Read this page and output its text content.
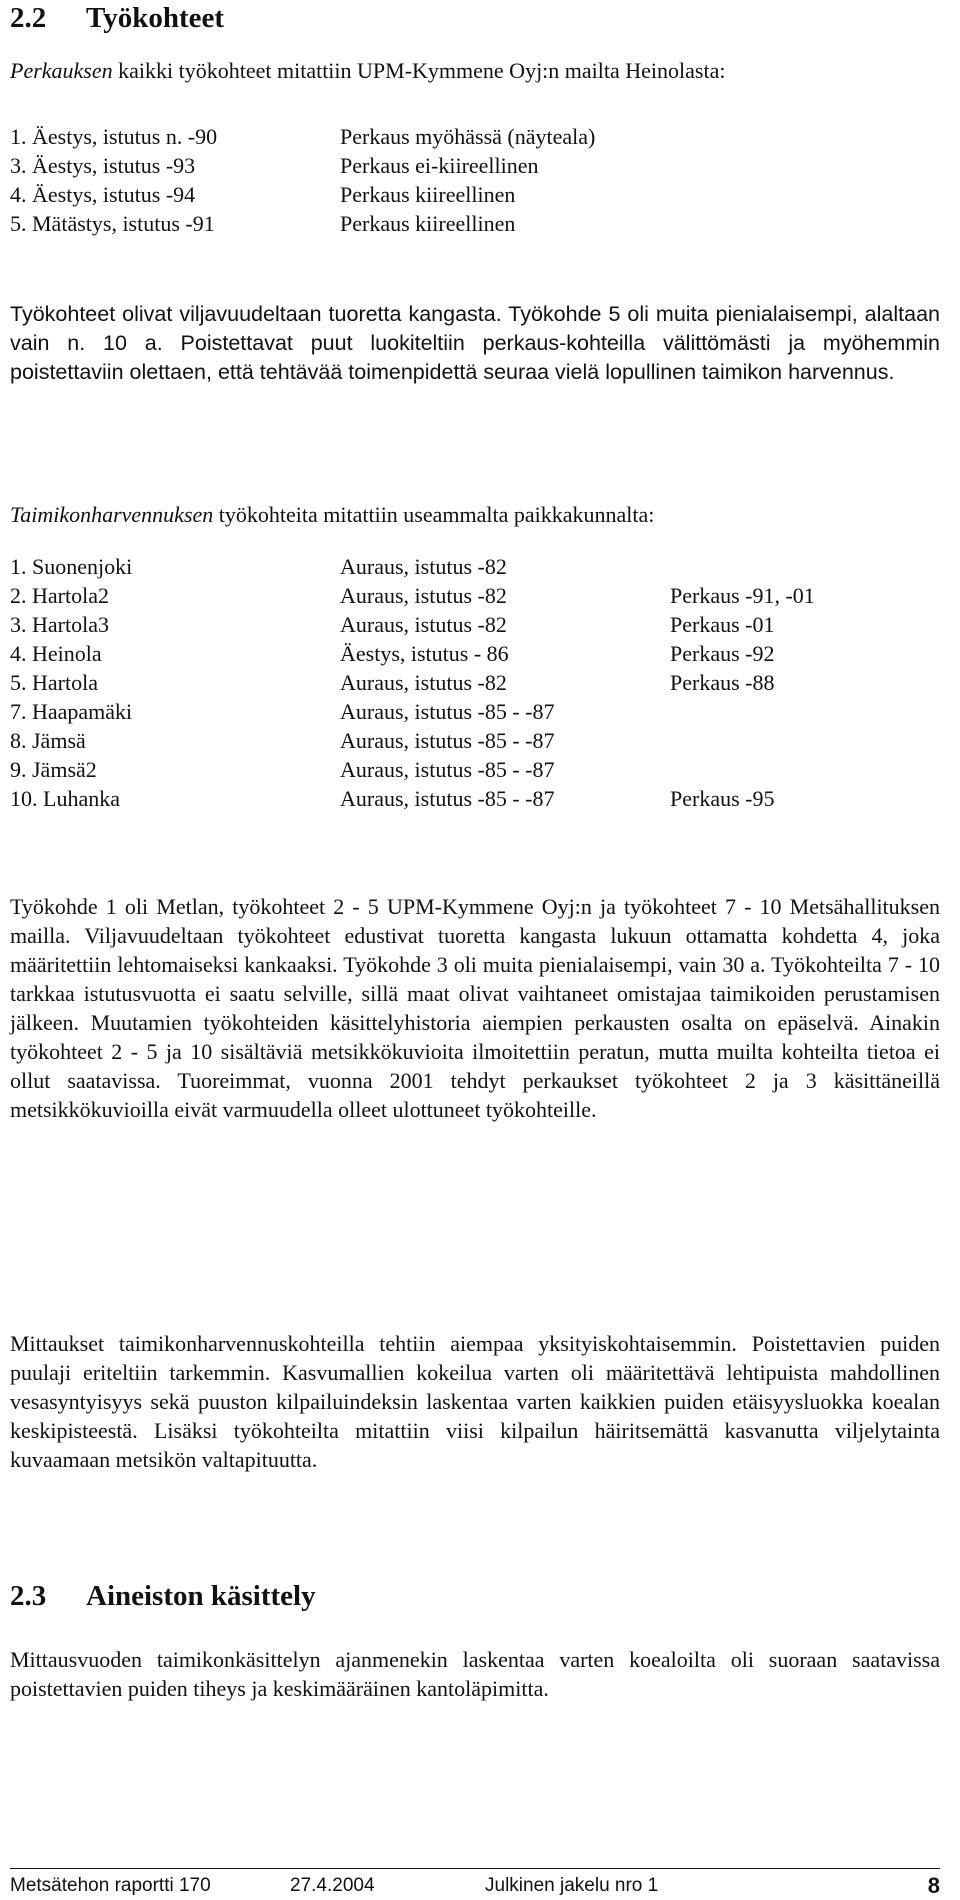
2.2	Työkohteet

Perkauksen kaikki työkohteet mitattiin UPM-Kymmene Oyj:n mailta Heinolasta:

1. Äestys, istutus n. -90	Perkaus myöhässä (näyteala)
3. Äestys, istutus -93	Perkaus ei-kiireellinen
4. Äestys, istutus -94	Perkaus kiireellinen
5. Mätästys, istutus -91	Perkaus kiireellinen

Työkohteet olivat viljavuudeltaan tuoretta kangasta. Työkohde 5 oli muita pienialaisempi, alaltaan vain n. 10 a. Poistettavat puut luokiteltiin perkaus-kohteilla välittömästi ja myöhemmin poistettaviin olettaen, että tehtävää toimenpidettä seuraa vielä lopullinen taimikon harvennus.

Taimikonharvennuksen työkohteita mitattiin useammalta paikkakunnalta:

1. Suonenjoki	Auraus, istutus -82
2. Hartola2	Auraus, istutus -82	Perkaus -91, -01
3. Hartola3	Auraus, istutus -82	Perkaus -01
4. Heinola	Äestys, istutus - 86	Perkaus -92
5. Hartola	Auraus, istutus -82	Perkaus -88
7. Haapamäki	Auraus, istutus -85 - -87
8. Jämsä	Auraus, istutus -85 - -87
9. Jämsä2	Auraus, istutus -85 - -87
10. Luhanka	Auraus, istutus -85 - -87	Perkaus -95

Työkohde 1 oli Metlan, työkohteet 2 - 5 UPM-Kymmene Oyj:n ja työkohteet 7 - 10 Metsähallituksen mailla. Viljavuudeltaan työkohteet edustivat tuoretta kangasta lukuun ottamatta kohdetta 4, joka määritettiin lehtomaiseksi kankaaksi. Työkohde 3 oli muita pienialaisempi, vain 30 a. Työkohteilta 7 - 10 tarkkaa istutusvuotta ei saatu selville, sillä maat olivat vaihtaneet omistajaa taimikoiden perustamisen jälkeen. Muutamien työkohteiden käsittelyhistoria aiempien perkausten osalta on epäselvä. Ainakin työkohteet 2 - 5 ja 10 sisältäviä metsikkökuvioita ilmoitettiin peratun, mutta muilta kohteilta tietoa ei ollut saatavissa. Tuoreimmat, vuonna 2001 tehdyt perkaukset työkohteet 2 ja 3 käsittäneillä metsikkökuvioilla eivät varmuudella olleet ulottuneet työkohteille.

Mittaukset taimikonharvennuskohteilla tehtiin aiempaa yksityiskohtaisemmin. Poistettavien puiden puulaji eriteltiin tarkemmin. Kasvumallien kokeilua varten oli määritettävä lehtipuista mahdollinen vesasyntyisyys sekä puuston kilpailuindeksin laskentaa varten kaikkien puiden etäisyysluokka koealan keskipisteestä. Lisäksi työkohteilta mitattiin viisi kilpailun häiritsemättä kasvanutta viljelytainta kuvaamaan metsikön valtapituutta.

2.3	Aineiston käsittely

Mittausvuoden taimikonkäsittelyn ajanmenekin laskentaa varten koealoilta oli suoraan saatavissa poistettavien puiden tiheys ja keskimääräinen kantoläpimitta.

Metsätehon raportti 170	27.4.2004	Julkinen jakelu nro 1	8
